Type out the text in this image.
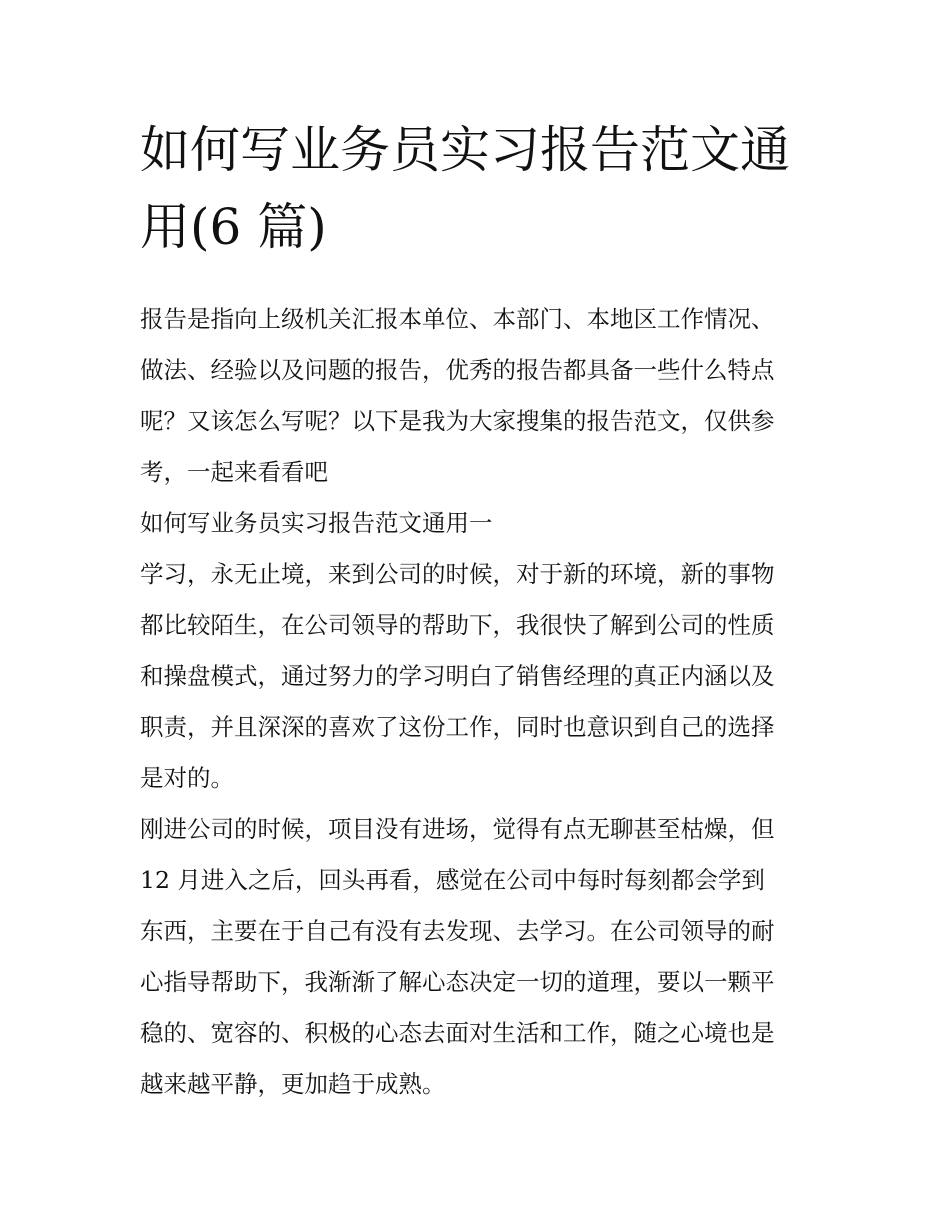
如何写业务员实习报告范文通
用(6 篇)

报告是指向上级机关汇报本单位、本部门、本地区工作情况、
做法、经验以及问题的报告，优秀的报告都具备一些什么特点
呢？又该怎么写呢？以下是我为大家搜集的报告范文，仅供参
考，一起来看看吧

如何写业务员实习报告范文通用一

学习，永无止境，来到公司的时候，对于新的环境，新的事物
都比较陌生，在公司领导的帮助下，我很快了解到公司的性质
和操盘模式，通过努力的学习明白了销售经理的真正内涵以及
职责，并且深深的喜欢了这份工作，同时也意识到自己的选择
是对的。

刚进公司的时候，项目没有进场，觉得有点无聊甚至枯燥，但
12 月进入之后，回头再看，感觉在公司中每时每刻都会学到
东西，主要在于自己有没有去发现、去学习。在公司领导的耐
心指导帮助下，我渐渐了解心态决定一切的道理，要以一颗平
稳的、宽容的、积极的心态去面对生活和工作，随之心境也是
越来越平静，更加趋于成熟。
